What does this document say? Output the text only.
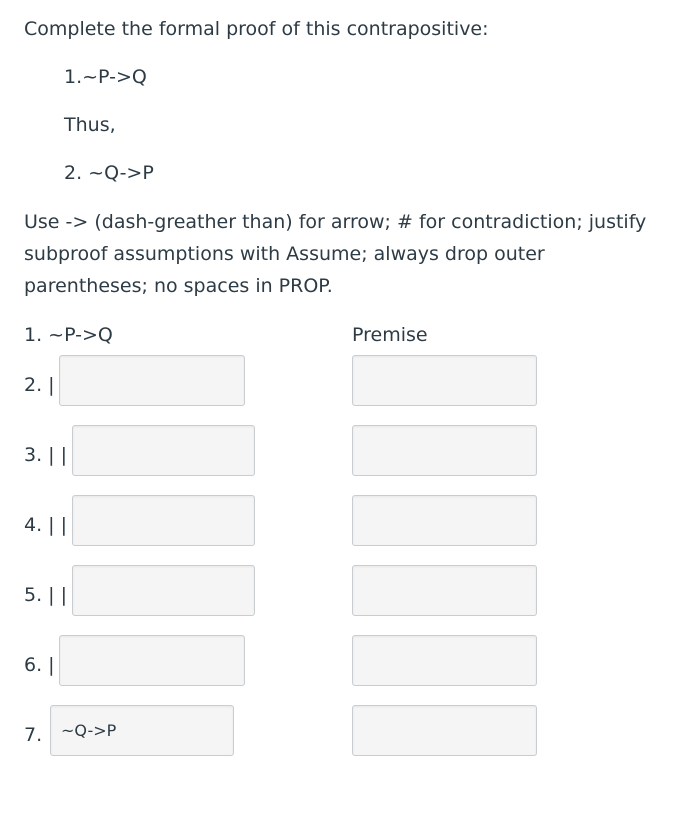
Complete the formal proof of this contrapositive:
1.~P->Q
Thus,
2. ~Q->P
Use -> (dash-greather than) for arrow; # for contradiction; justify subproof assumptions with Assume; always drop outer parentheses; no spaces in PROP.
1. ~P->Q	Premise
2. |
3. | |
4. | |
5. | |
6. |
7.
~Q->P
